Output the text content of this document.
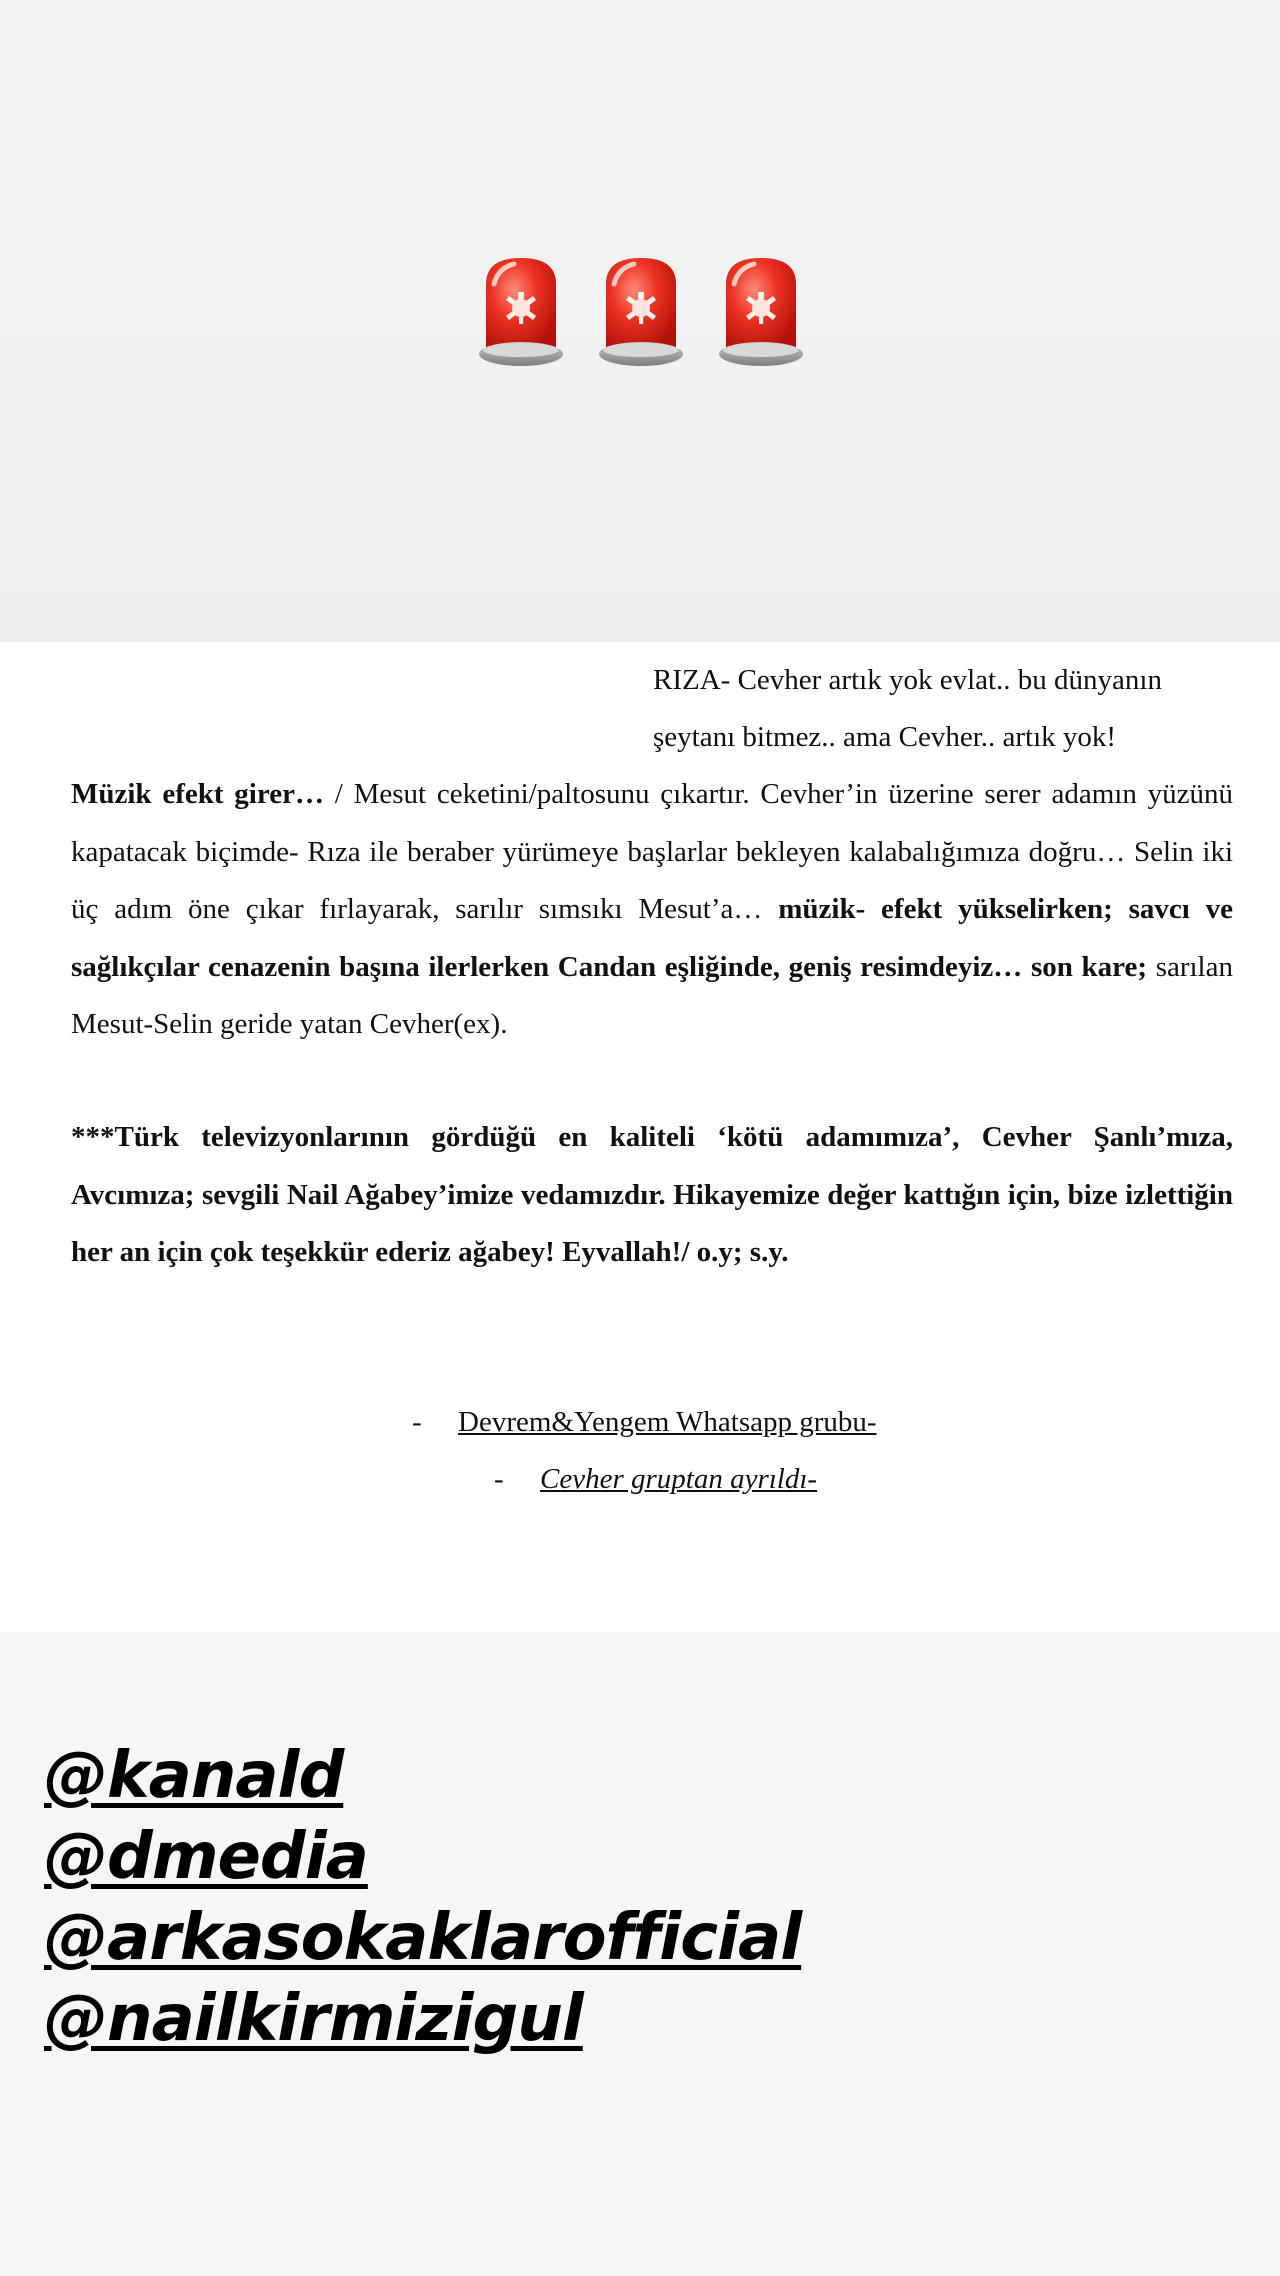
RIZA- Cevher artık yok evlat.. bu dünyanın
şeytanı bitmez.. ama Cevher.. artık yok!
Müzik efekt girer… / Mesut ceketini/paltosunu çıkartır. Cevher’in üzerine serer adamın yüzünü kapatacak biçimde- Rıza ile beraber yürümeye başlarlar bekleyen kalabalığımıza doğru… Selin iki üç adım öne çıkar fırlayarak, sarılır sımsıkı Mesut’a… müzik- efekt yükselirken; savcı ve sağlıkçılar cenazenin başına ilerlerken Candan eşliğinde, geniş resimdeyiz… son kare; sarılan Mesut-Selin geride yatan Cevher(ex).
***Türk televizyonlarının gördüğü en kaliteli ‘kötü adamımıza’, Cevher Şanlı’mıza, Avcımıza; sevgili Nail Ağabey’imize vedamızdır. Hikayemize değer kattığın için, bize izlettiğin her an için çok teşekkür ederiz ağabey! Eyvallah!/ o.y; s.y.
- Devrem&Yengem Whatsapp grubu-
- Cevher gruptan ayrıldı-
@kanald
@dmedia
@arkasokaklarofficial
@nailkirmizigul
